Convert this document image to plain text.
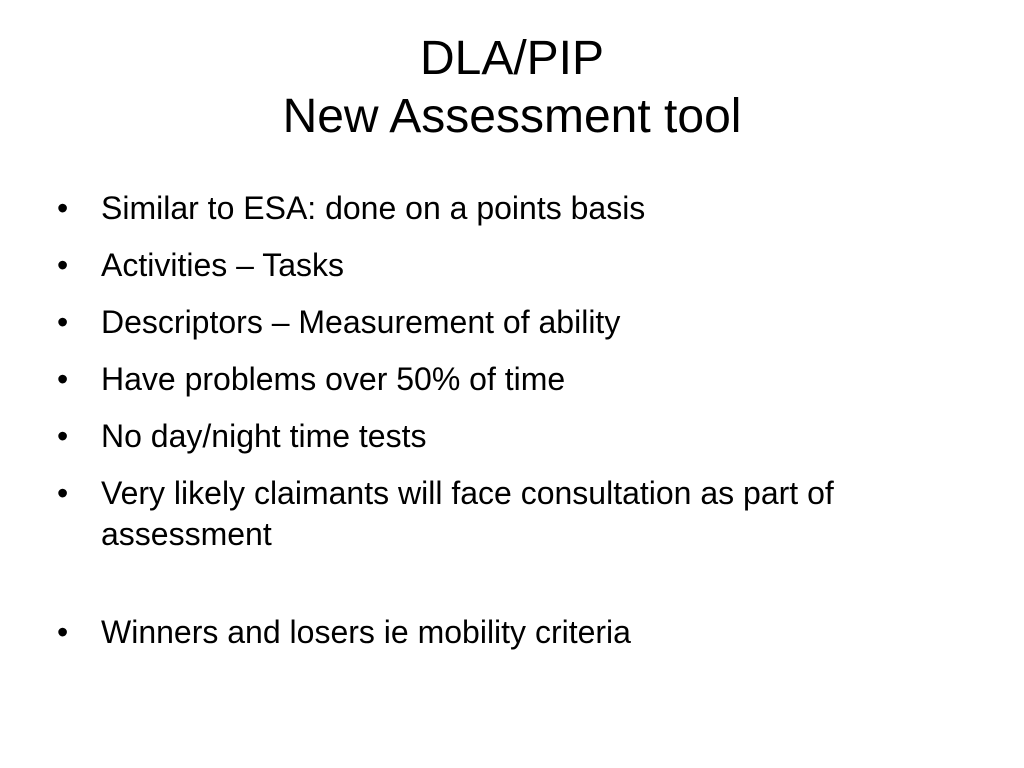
DLA/PIP
New Assessment tool
•	Similar to ESA: done on a points basis
•	Activities – Tasks
•	Descriptors – Measurement of ability
•	Have problems over 50% of time
•	No day/night time tests
•	Very likely claimants will face consultation as part of assessment
•	Winners and losers ie mobility criteria
